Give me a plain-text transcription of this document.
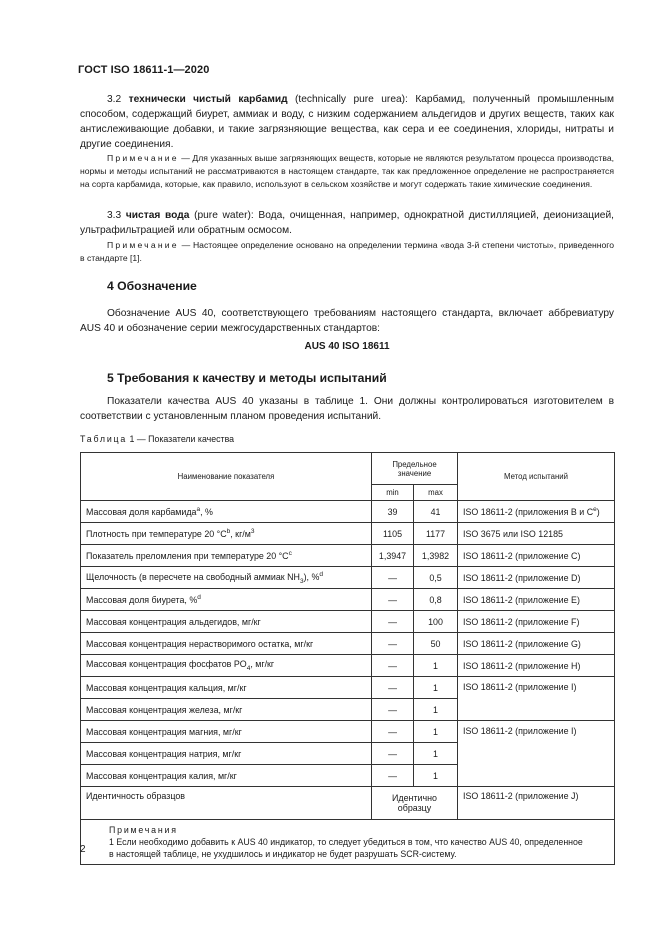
ГОСТ ISO 18611-1—2020

3.2 технически чистый карбамид (technically pure urea): Карбамид, полученный промышленным способом, содержащий биурет, аммиак и воду, с низким содержанием альдегидов и других веществ, таких как антислеживающие добавки, и такие загрязняющие вещества, как сера и ее соединения, хлориды, нитраты и другие соединения.

Примечание — Для указанных выше загрязняющих веществ, которые не являются результатом процесса производства, нормы и методы испытаний не рассматриваются в настоящем стандарте, так как предложенное определение не распространяется на сорта карбамида, которые, как правило, используют в сельском хозяйстве и могут содержать такие химические соединения.

3.3 чистая вода (pure water): Вода, очищенная, например, однократной дистилляцией, деионизацией, ультрафильтрацией или обратным осмосом.

Примечание — Настоящее определение основано на определении термина «вода 3-й степени чистоты», приведенного в стандарте [1].

4 Обозначение

Обозначение AUS 40, соответствующего требованиям настоящего стандарта, включает аббревиатуру AUS 40 и обозначение серии межгосударственных стандартов:

AUS 40 ISO 18611
5 Требования к качеству и методы испытаний

Показатели качества AUS 40 указаны в таблице 1. Они должны контролироваться изготовителем в соответствии с установленным планом проведения испытаний.

Таблица 1 — Показатели качества
Наименование показателя	Предельное значение		Метод испытаний
	min	max	
Массовая доля карбамида$^a$, %	39	41	ISO 18611-2 (приложения B и Ce)
Плотность при температуре 20 $^\circ C^b$, $кг/м^3$	1105	1177	ISO 3675 или ISO 12185
Показатель преломления при температуре 20 $^\circ C^c$	1,3947	1,3982	ISO 18611-2 (приложение C)
Щелочность (в пересчете на свободный аммиак $NH_3$), %$^d$	—	0,5	ISO 18611-2 (приложение D)
Массовая доля биурета, %$^d$	—	0,8	ISO 18611-2 (приложение E)
Массовая концентрация альдегидов, мг/кг	—	100	ISO 18611-2 (приложение F)
Массовая концентрация нерастворимого остатка, мг/кг	—	50	ISO 18611-2 (приложение G)
Массовая концентрация фосфатов $PO_4$, мг/кг	—	1	ISO 18611-2 (приложение H)
Массовая концентрация кальция, мг/кг	—	1	ISO 18611-2 (приложение I)
Массовая концентрация железа, мг/кг	—	1	
Массовая концентрация магния, мг/кг	—	1	ISO 18611-2 (приложение I)
Массовая концентрация натрия, мг/кг	—	1	
Массовая концентрация калия, мг/кг	—	1	
Идентичность образцов	Идентично образцу		ISO 18611-2 (приложение J)

Примечания
1 Если необходимо добавить к AUS 40 индикатор, то следует убедиться в том, что качество AUS 40, определенное в настоящей таблице, не ухудшилось и индикатор не будет разрушать SCR-систему.			
2
